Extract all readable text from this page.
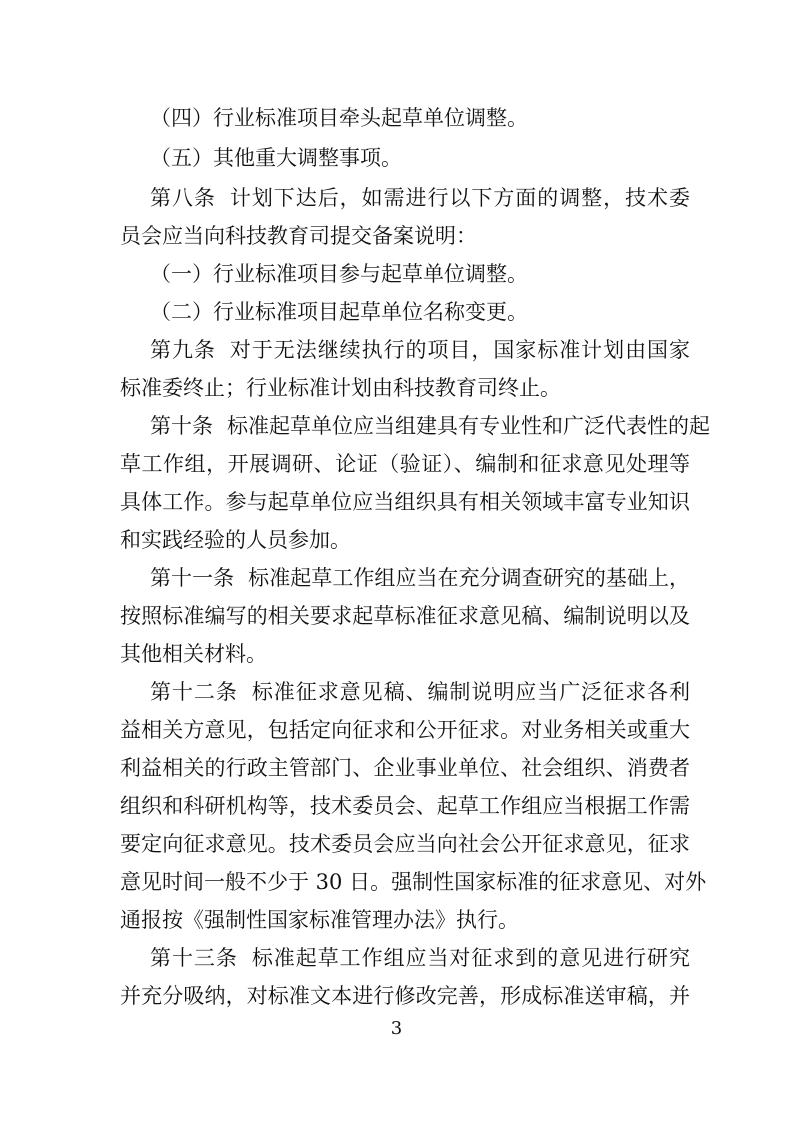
（四）行业标准项目牵头起草单位调整。

（五）其他重大调整事项。

第八条 计划下达后，如需进行以下方面的调整，技术委

员会应当向科技教育司提交备案说明：

（一）行业标准项目参与起草单位调整。

（二）行业标准项目起草单位名称变更。

第九条 对于无法继续执行的项目，国家标准计划由国家

标准委终止；行业标准计划由科技教育司终止。

第十条 标准起草单位应当组建具有专业性和广泛代表性的起

草工作组，开展调研、论证（验证）、编制和征求意见处理等

具体工作。参与起草单位应当组织具有相关领域丰富专业知识

和实践经验的人员参加。

第十一条 标准起草工作组应当在充分调查研究的基础上，

按照标准编写的相关要求起草标准征求意见稿、编制说明以及

其他相关材料。

第十二条 标准征求意见稿、编制说明应当广泛征求各利

益相关方意见，包括定向征求和公开征求。对业务相关或重大

利益相关的行政主管部门、企业事业单位、社会组织、消费者

组织和科研机构等，技术委员会、起草工作组应当根据工作需

要定向征求意见。技术委员会应当向社会公开征求意见，征求

意见时间一般不少于 30 日。强制性国家标准的征求意见、对外

通报按《强制性国家标准管理办法》执行。

第十三条 标准起草工作组应当对征求到的意见进行研究

并充分吸纳，对标准文本进行修改完善，形成标准送审稿，并

3
